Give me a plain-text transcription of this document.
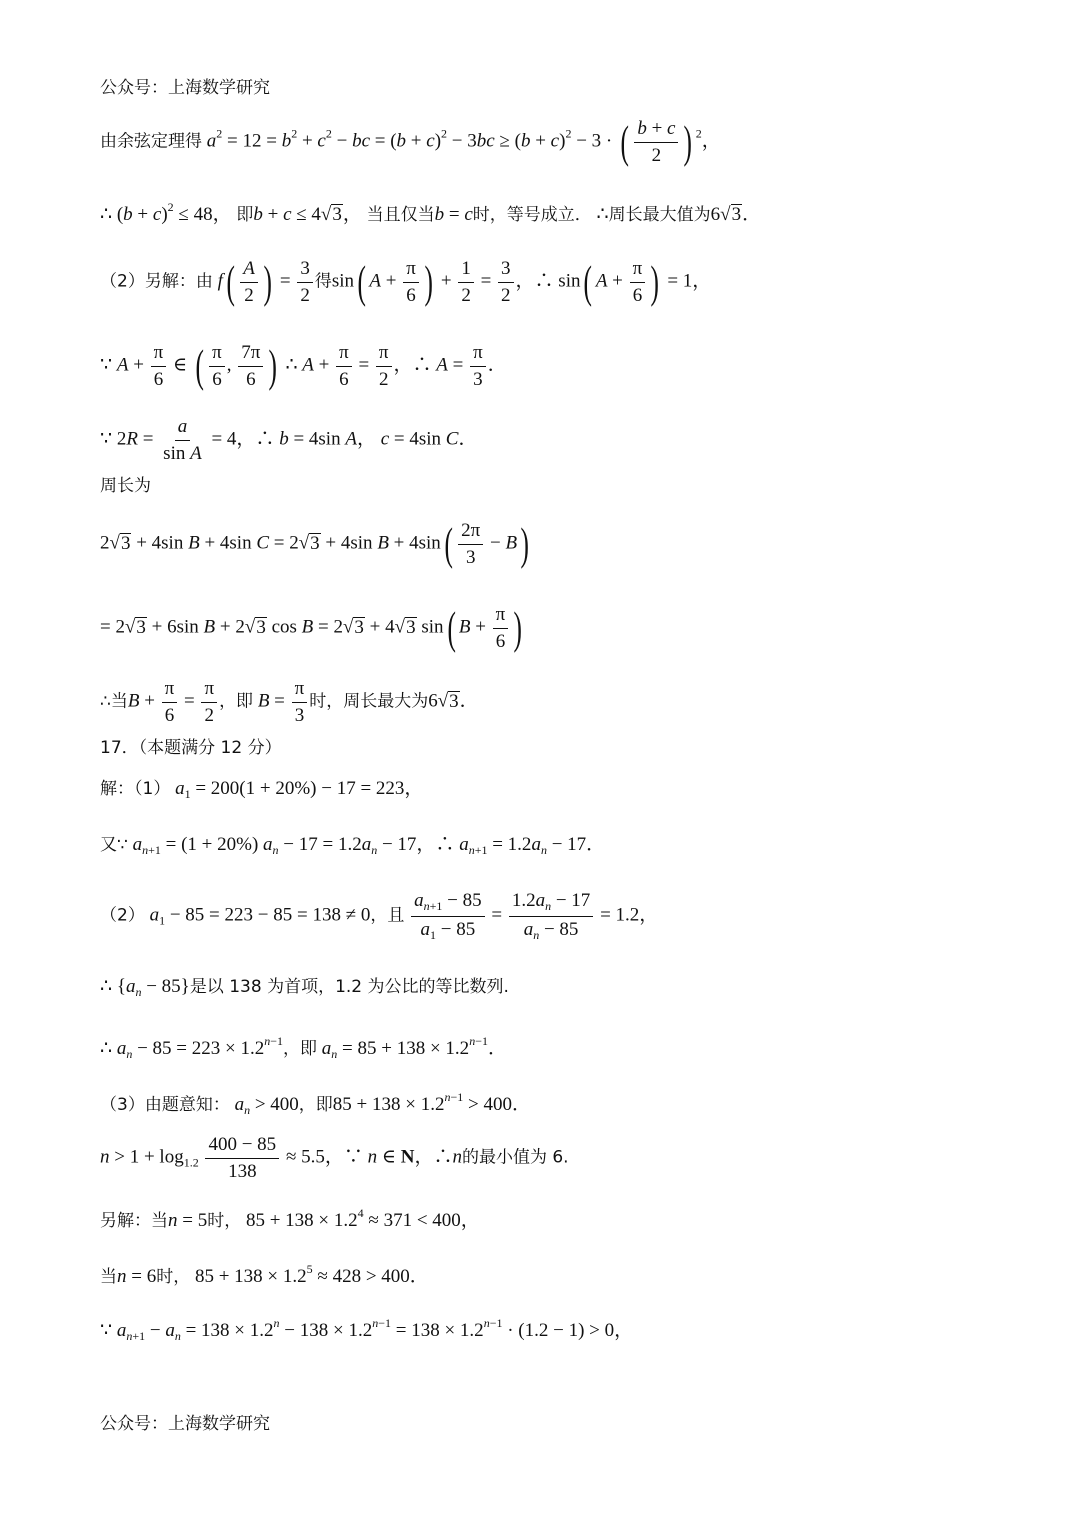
公众号：上海数学研究
由余弦定理得 $a^2 = 12 = b^2 + c^2$ − bc = $(b + c)^2 - 3bc \ge (b + c)^2 - 3$ · ( $\frac{b + c}{2}$ ) $^2$，
∴ $(b + c)^2 \le 48$， 即b + c ≤ 4√3， 当且仅当b = c时，等号成立． ∴周长最大值为6√3．
（2）另解：由 $f( \frac{A}{2}$ ) = $\frac{3}{2}$ 得sin( $A + \frac{\pi}{6}$ ) + $\frac{1}{2} = \frac{3}{2}$ ，∴ sin( $A + \frac{\pi}{6}$ ) = 1，
∵ $A + \frac{\pi}{6}$ ∈ ( $\frac{\pi}{6}$ , $\frac{7\pi}{6}$ ) ∴ $A + \frac{\pi}{6} = \frac{\pi}{2}$ ，∴ $A = \frac{\pi}{3}$ ．
∵ $2R = \frac{a}{\text{sin A}} = 4$，∴ b = 4sin A， c = 4sin C．
周长为
2√3 + 4sin B + 4sin C = 2√3 + 4sin $B + 4\sin( \frac{2\pi}{3} - B)$
= 2√3 + 6sin B + 2√3 cos B = 2√3 + 4√3 sin( $B + \frac{\pi}{6}$ )
∴当$B + \frac{\pi}{6} = \frac{\pi}{2}$ ，即 $B = \frac{\pi}{3}$ 时，周长最大为6√3．
17．（本题满分 12 分）
解：（1） $a_1 = 200(1 + 20\%) - 17 = 223$，
又∵ $a_{n+1} = (1 + 20\%) a_n - 17 = 1.2a_n - 17$，∴ $a_{n+1} = 1.2a_n - 17$．
（2） $a_1 - 85 = 223 - 85 = 138 \ne 0$，且 $\frac{a_{n+1} - 85}{a_1 - 85} = \frac{1.2a_n - 17}{a_n - 85} = 1.2$，
∴ $\{a_n - 85\}$是以 138 为首项，1.2 为公比的等比数列.
∴ $a_n - 85 = 223 \times 1.2^{n-1}$，即 $a_n = 85 + 138 \times 1.2^{n-1}$．
（3）由题意知： $a_n > 400$，即$85 + 138 \times 1.2^{n-1} > 400$．
$n > 1 + \log_{1.2} \frac{400 - 85}{138} \approx 5.5$，∵ n ∈ N，∴n的最小值为 6.
另解：当n = 5时， $85 + 138 \times 1.2^4 \approx 371 < 400$，
当n = 6时， $85 + 138 \times 1.2^5 \approx 428 > 400$．
∵ $a_{n+1} - a_n = 138 \times 1.2^n - 138 \times 1.2^{n-1} = 138 \times 1.2^{n-1} \cdot (1.2 - 1) > 0$，
公众号：上海数学研究
